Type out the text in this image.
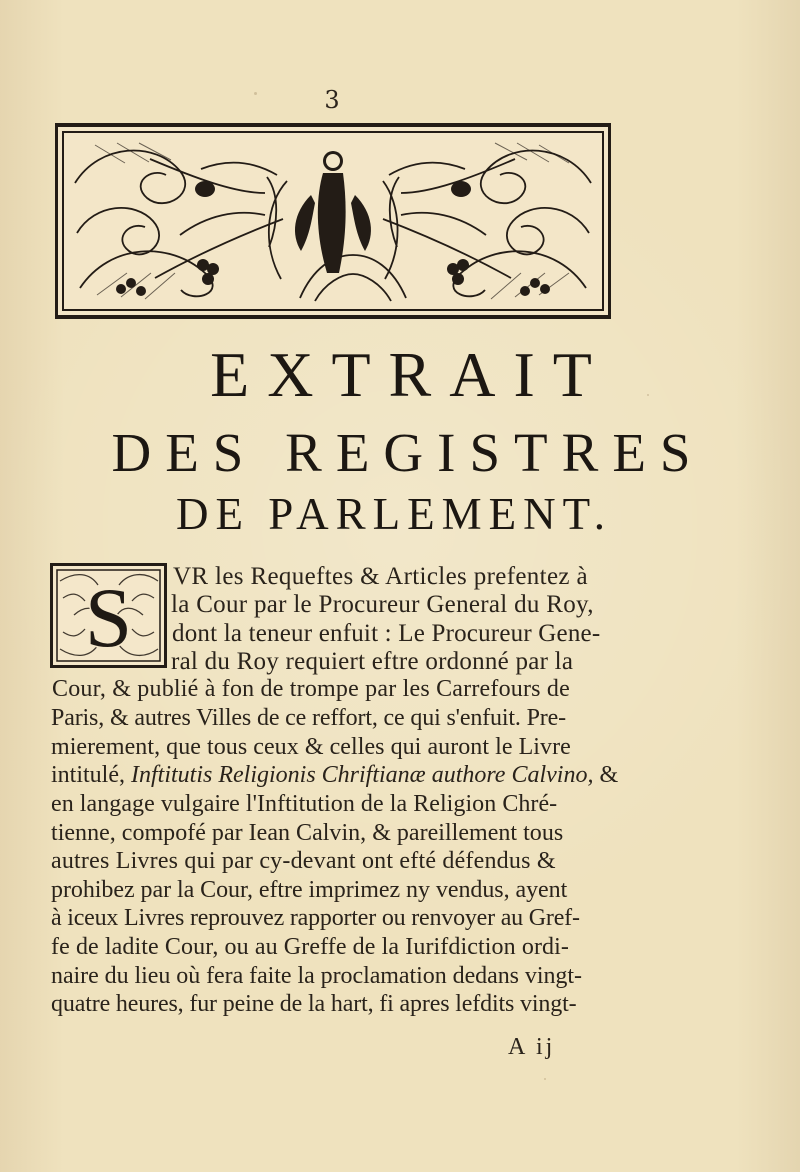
3
EXTRAIT
DES REGISTRES
DE PARLEMENT.
S VR les Requeftes & Articles prefentez à
la Cour par le Procureur General du Roy,
dont la teneur enfuit : Le Procureur Gene-
ral du Roy requiert eftre ordonné par la
Cour, & publié à fon de trompe par les Carrefours de
Paris, & autres Villes de ce reffort, ce qui s'enfuit. Pre-
mierement, que tous ceux & celles qui auront le Livre
intitulé, Inftitutis Religionis Chriftianæ authore Calvino, &
en langage vulgaire l'Inftitution de la Religion Chré-
tienne, compofé par Iean Calvin, & pareillement tous
autres Livres qui par cy-devant ont efté défendus &
prohibez par la Cour, eftre imprimez ny vendus, ayent
à iceux Livres reprouvez rapporter ou renvoyer au Gref-
fe de ladite Cour, ou au Greffe de la Iurifdiction ordi-
naire du lieu où fera faite la proclamation dedans vingt-
quatre heures, fur peine de la hart, fi apres lefdits vingt-
A ij
